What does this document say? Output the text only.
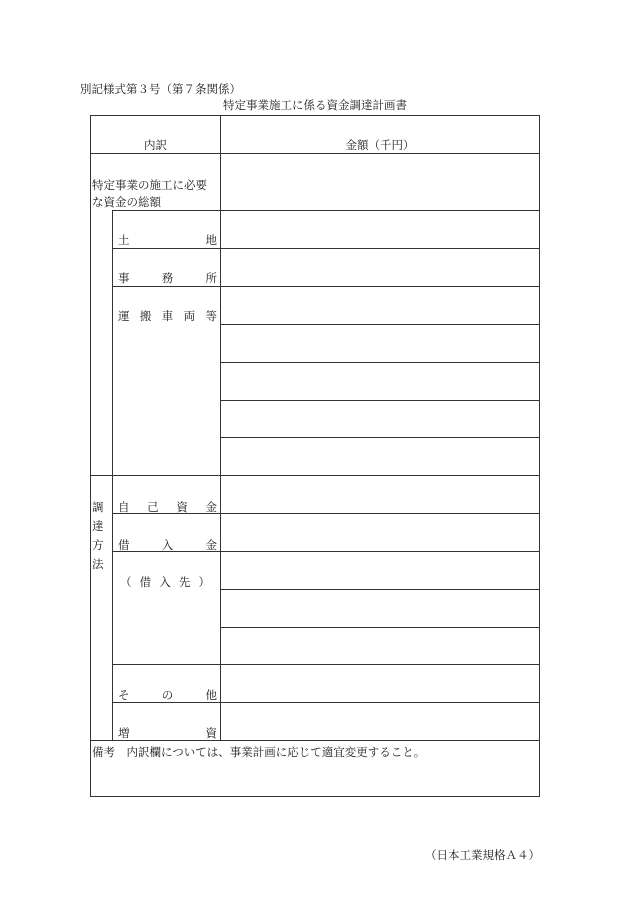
別記様式第３号（第７条関係）
特定事業施工に係る資金調達計画書
内訳	金額（千円）
特定事業の施工に必要
な資金の総額
土	地
事	務	所
運 搬 車 両 等
調
達
方
法
自 己 資 金
借	入	金
（ 借 入 先 ）
そ	の	他
増	資
備考　内訳欄については、事業計画に応じて適宜変更すること。
（日本工業規格Ａ４）
